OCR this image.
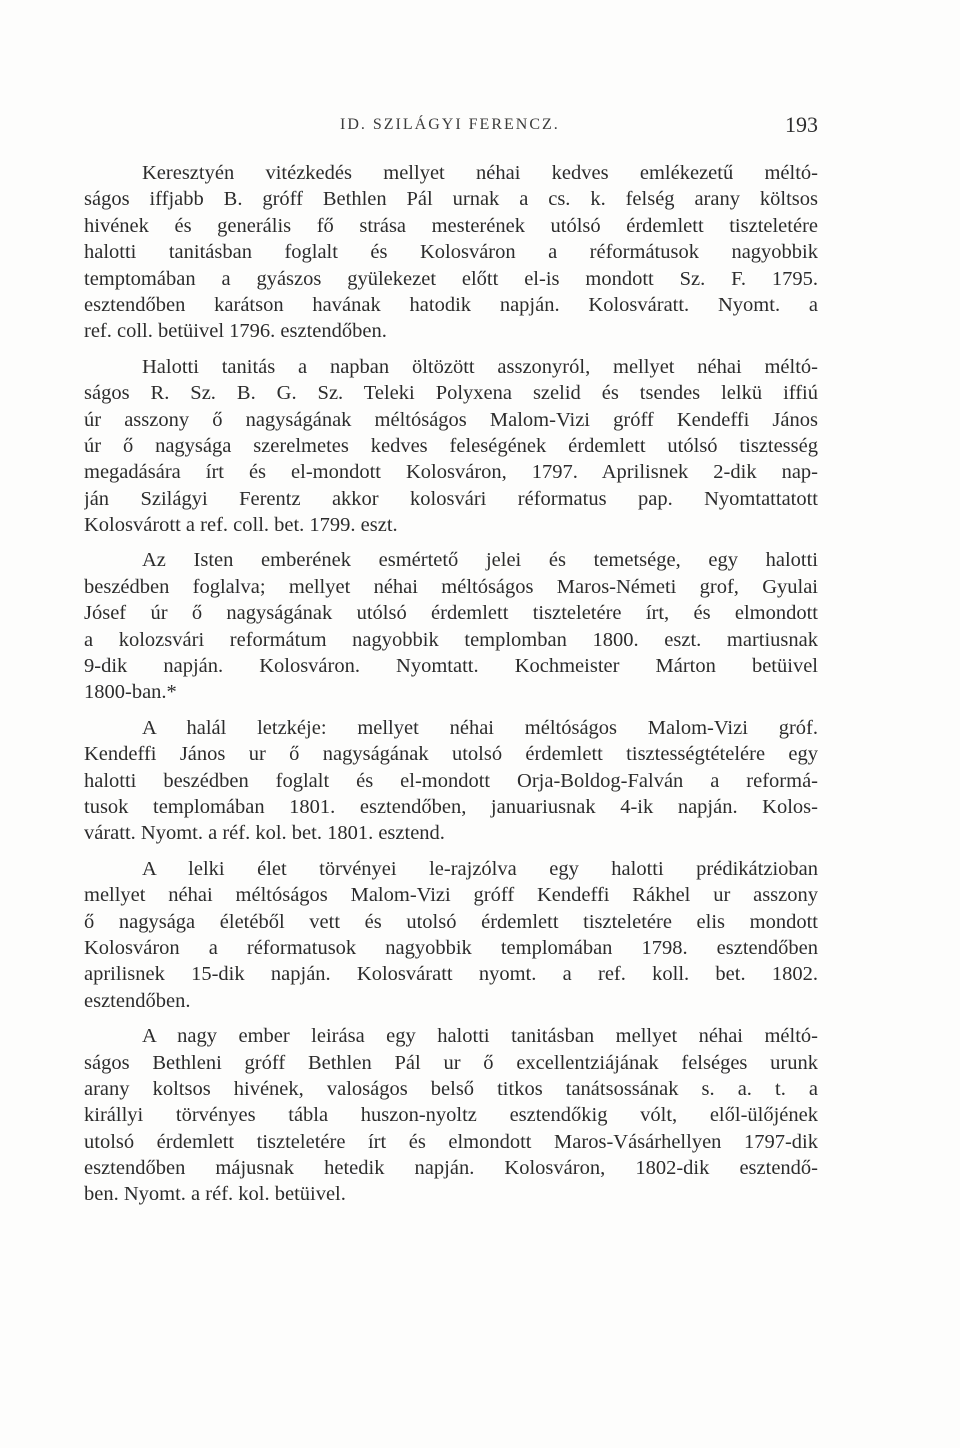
ID. SZILÁGYI FERENCZ.	193
Keresztyén vitézkedés mellyet néhai kedves emlékezetű méltó-
ságos iffjabb B. gróff Bethlen Pál urnak a cs. k. felség arany költsos
hivének és generális fő strása mesterének utólsó érdemlett tiszteletére
halotti tanitásban foglalt és Kolosváron a réformátusok nagyobbik
temptomában a gyászos gyülekezet előtt el-is mondott Sz. F. 1795.
esztendőben karátson havának hatodik napján. Kolosváratt. Nyomt. a
ref. coll. betüivel 1796. esztendőben.
Halotti tanitás a napban öltözött asszonyról, mellyet néhai méltó-
ságos R. Sz. B. G. Sz. Teleki Polyxena szelid és tsendes lelkü iffiú
úr asszony ő nagyságának méltóságos Malom-Vizi gróff Kendeffi János
úr ő nagysága szerelmetes kedves feleségének érdemlett utólsó tisztesség
megadására írt és el-mondott Kolosváron, 1797. Aprilisnek 2-dik nap-
ján Szilágyi Ferentz akkor kolosvári réformatus pap. Nyomtattatott
Kolosvárott a ref. coll. bet. 1799. eszt.
Az Isten emberének esmértető jelei és temetsége, egy halotti
beszédben foglalva; mellyet néhai méltóságos Maros-Németi grof, Gyulai
Jósef úr ő nagyságának utólsó érdemlett tiszteletére írt, és elmondott
a kolozsvári reformátum nagyobbik templomban 1800. eszt. martiusnak
9-dik napján. Kolosváron. Nyomtatt. Kochmeister Márton betüivel
1800-ban.*
A halál letzkéje: mellyet néhai méltóságos Malom-Vizi gróf.
Kendeffi János ur ő nagyságának utolsó érdemlett tisztességtételére egy
halotti beszédben foglalt és el-mondott Orja-Boldog-Falván a reformá-
tusok templomában 1801. esztendőben, januariusnak 4-ik napján. Kolos-
váratt. Nyomt. a réf. kol. bet. 1801. esztend.
A lelki élet törvényei le-rajzólva egy halotti prédikátzioban
mellyet néhai méltóságos Malom-Vizi gróff Kendeffi Rákhel ur asszony
ő nagysága életéből vett és utolsó érdemlett tiszteletére elis mondott
Kolosváron a réformatusok nagyobbik templomában 1798. esztendőben
aprilisnek 15-dik napján. Kolosváratt nyomt. a ref. koll. bet. 1802.
esztendőben.
A nagy ember leirása egy halotti tanitásban mellyet néhai méltó-
ságos Bethleni gróff Bethlen Pál ur ő excellentziájának felséges urunk
arany koltsos hivének, valoságos belső titkos tanátsossának s. a. t. a
királlyi törvényes tábla huszon-nyoltz esztendőkig vólt, elől-ülőjének
utolsó érdemlett tiszteletére írt és elmondott Maros-Vásárhellyen 1797-dik
esztendőben májusnak hetedik napján. Kolosváron, 1802-dik esztendő-
ben. Nyomt. a réf. kol. betüivel.
